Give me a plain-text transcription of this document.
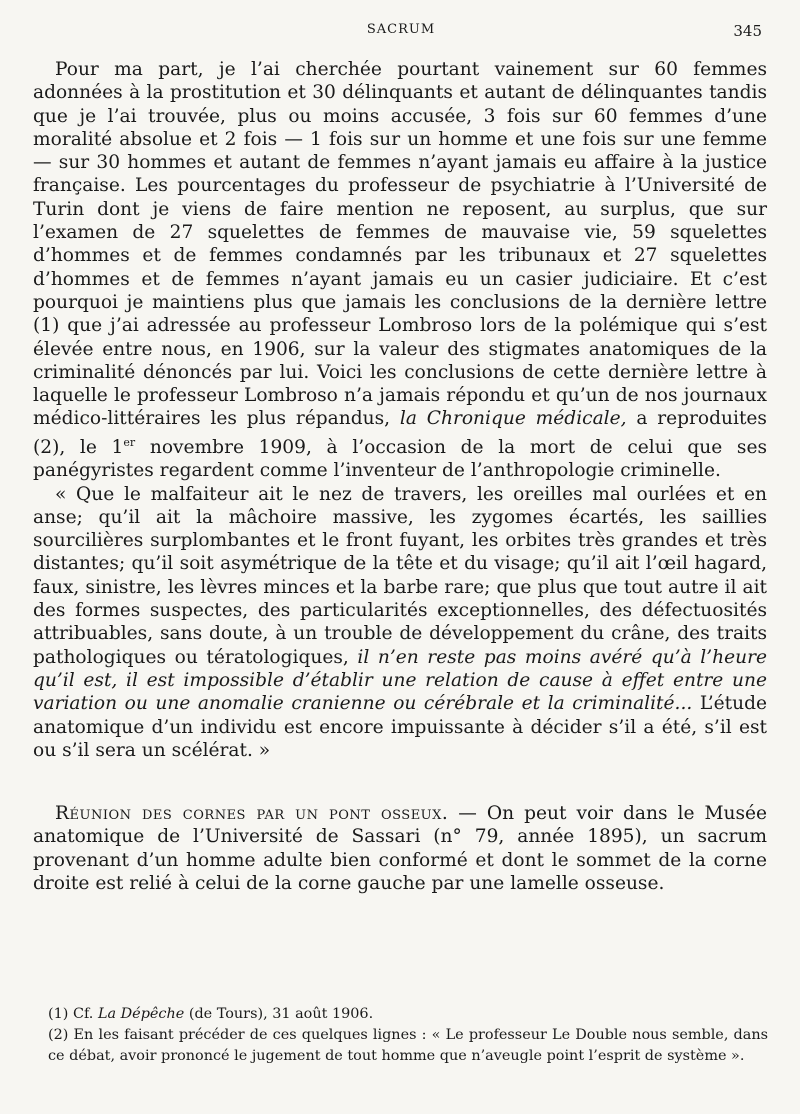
SACRUM	345

Pour ma part, je l’ai cherchée pourtant vainement sur 60 femmes adonnées à la prostitution et 30 délinquants et autant de délinquantes tandis que je l’ai trouvée, plus ou moins accusée, 3 fois sur 60 femmes d’une moralité absolue et 2 fois — 1 fois sur un homme et une fois sur une femme — sur 30 hommes et autant de femmes n’ayant jamais eu affaire à la justice française. Les pourcentages du professeur de psychiatrie à l’Université de Turin dont je viens de faire mention ne reposent, au surplus, que sur l’examen de 27 squelettes de femmes de mauvaise vie, 59 squelettes d’hommes et de femmes condamnés par les tribunaux et 27 squelettes d’hommes et de femmes n’ayant jamais eu un casier judiciaire. Et c’est pourquoi je maintiens plus que jamais les conclusions de la dernière lettre (1) que j’ai adressée au professeur Lombroso lors de la polémique qui s’est élevée entre nous, en 1906, sur la valeur des stigmates anatomiques de la criminalité dénoncés par lui. Voici les conclusions de cette dernière lettre à laquelle le professeur Lombroso n’a jamais répondu et qu’un de nos journaux médico-littéraires les plus répandus, la Chronique médicale, a reproduites (2), le 1er novembre 1909, à l’occasion de la mort de celui que ses panégyristes regardent comme l’inventeur de l’anthropologie criminelle.

« Que le malfaiteur ait le nez de travers, les oreilles mal ourlées et en anse; qu’il ait la mâchoire massive, les zygomes écartés, les saillies sourcilières surplombantes et le front fuyant, les orbites très grandes et très distantes; qu’il soit asymétrique de la tête et du visage; qu’il ait l’œil hagard, faux, sinistre, les lèvres minces et la barbe rare; que plus que tout autre il ait des formes suspectes, des particularités exceptionnelles, des défectuosités attribuables, sans doute, à un trouble de développement du crâne, des traits pathologiques ou tératologiques, il n’en reste pas moins avéré qu’à l’heure qu’il est, il est impossible d’établir une relation de cause à effet entre une variation ou une anomalie cranienne ou cérébrale et la criminalité... L’étude anatomique d’un individu est encore impuissante à décider s’il a été, s’il est ou s’il sera un scélérat. »

Réunion des cornes par un pont osseux. — On peut voir dans le Musée anatomique de l’Université de Sassari (n° 79, année 1895), un sacrum provenant d’un homme adulte bien conformé et dont le sommet de la corne droite est relié à celui de la corne gauche par une lamelle osseuse.

(1) Cf. La Dépêche (de Tours), 31 août 1906.

(2) En les faisant précéder de ces quelques lignes : « Le professeur Le Double nous semble, dans ce débat, avoir prononcé le jugement de tout homme que n’aveugle point l’esprit de système ».
